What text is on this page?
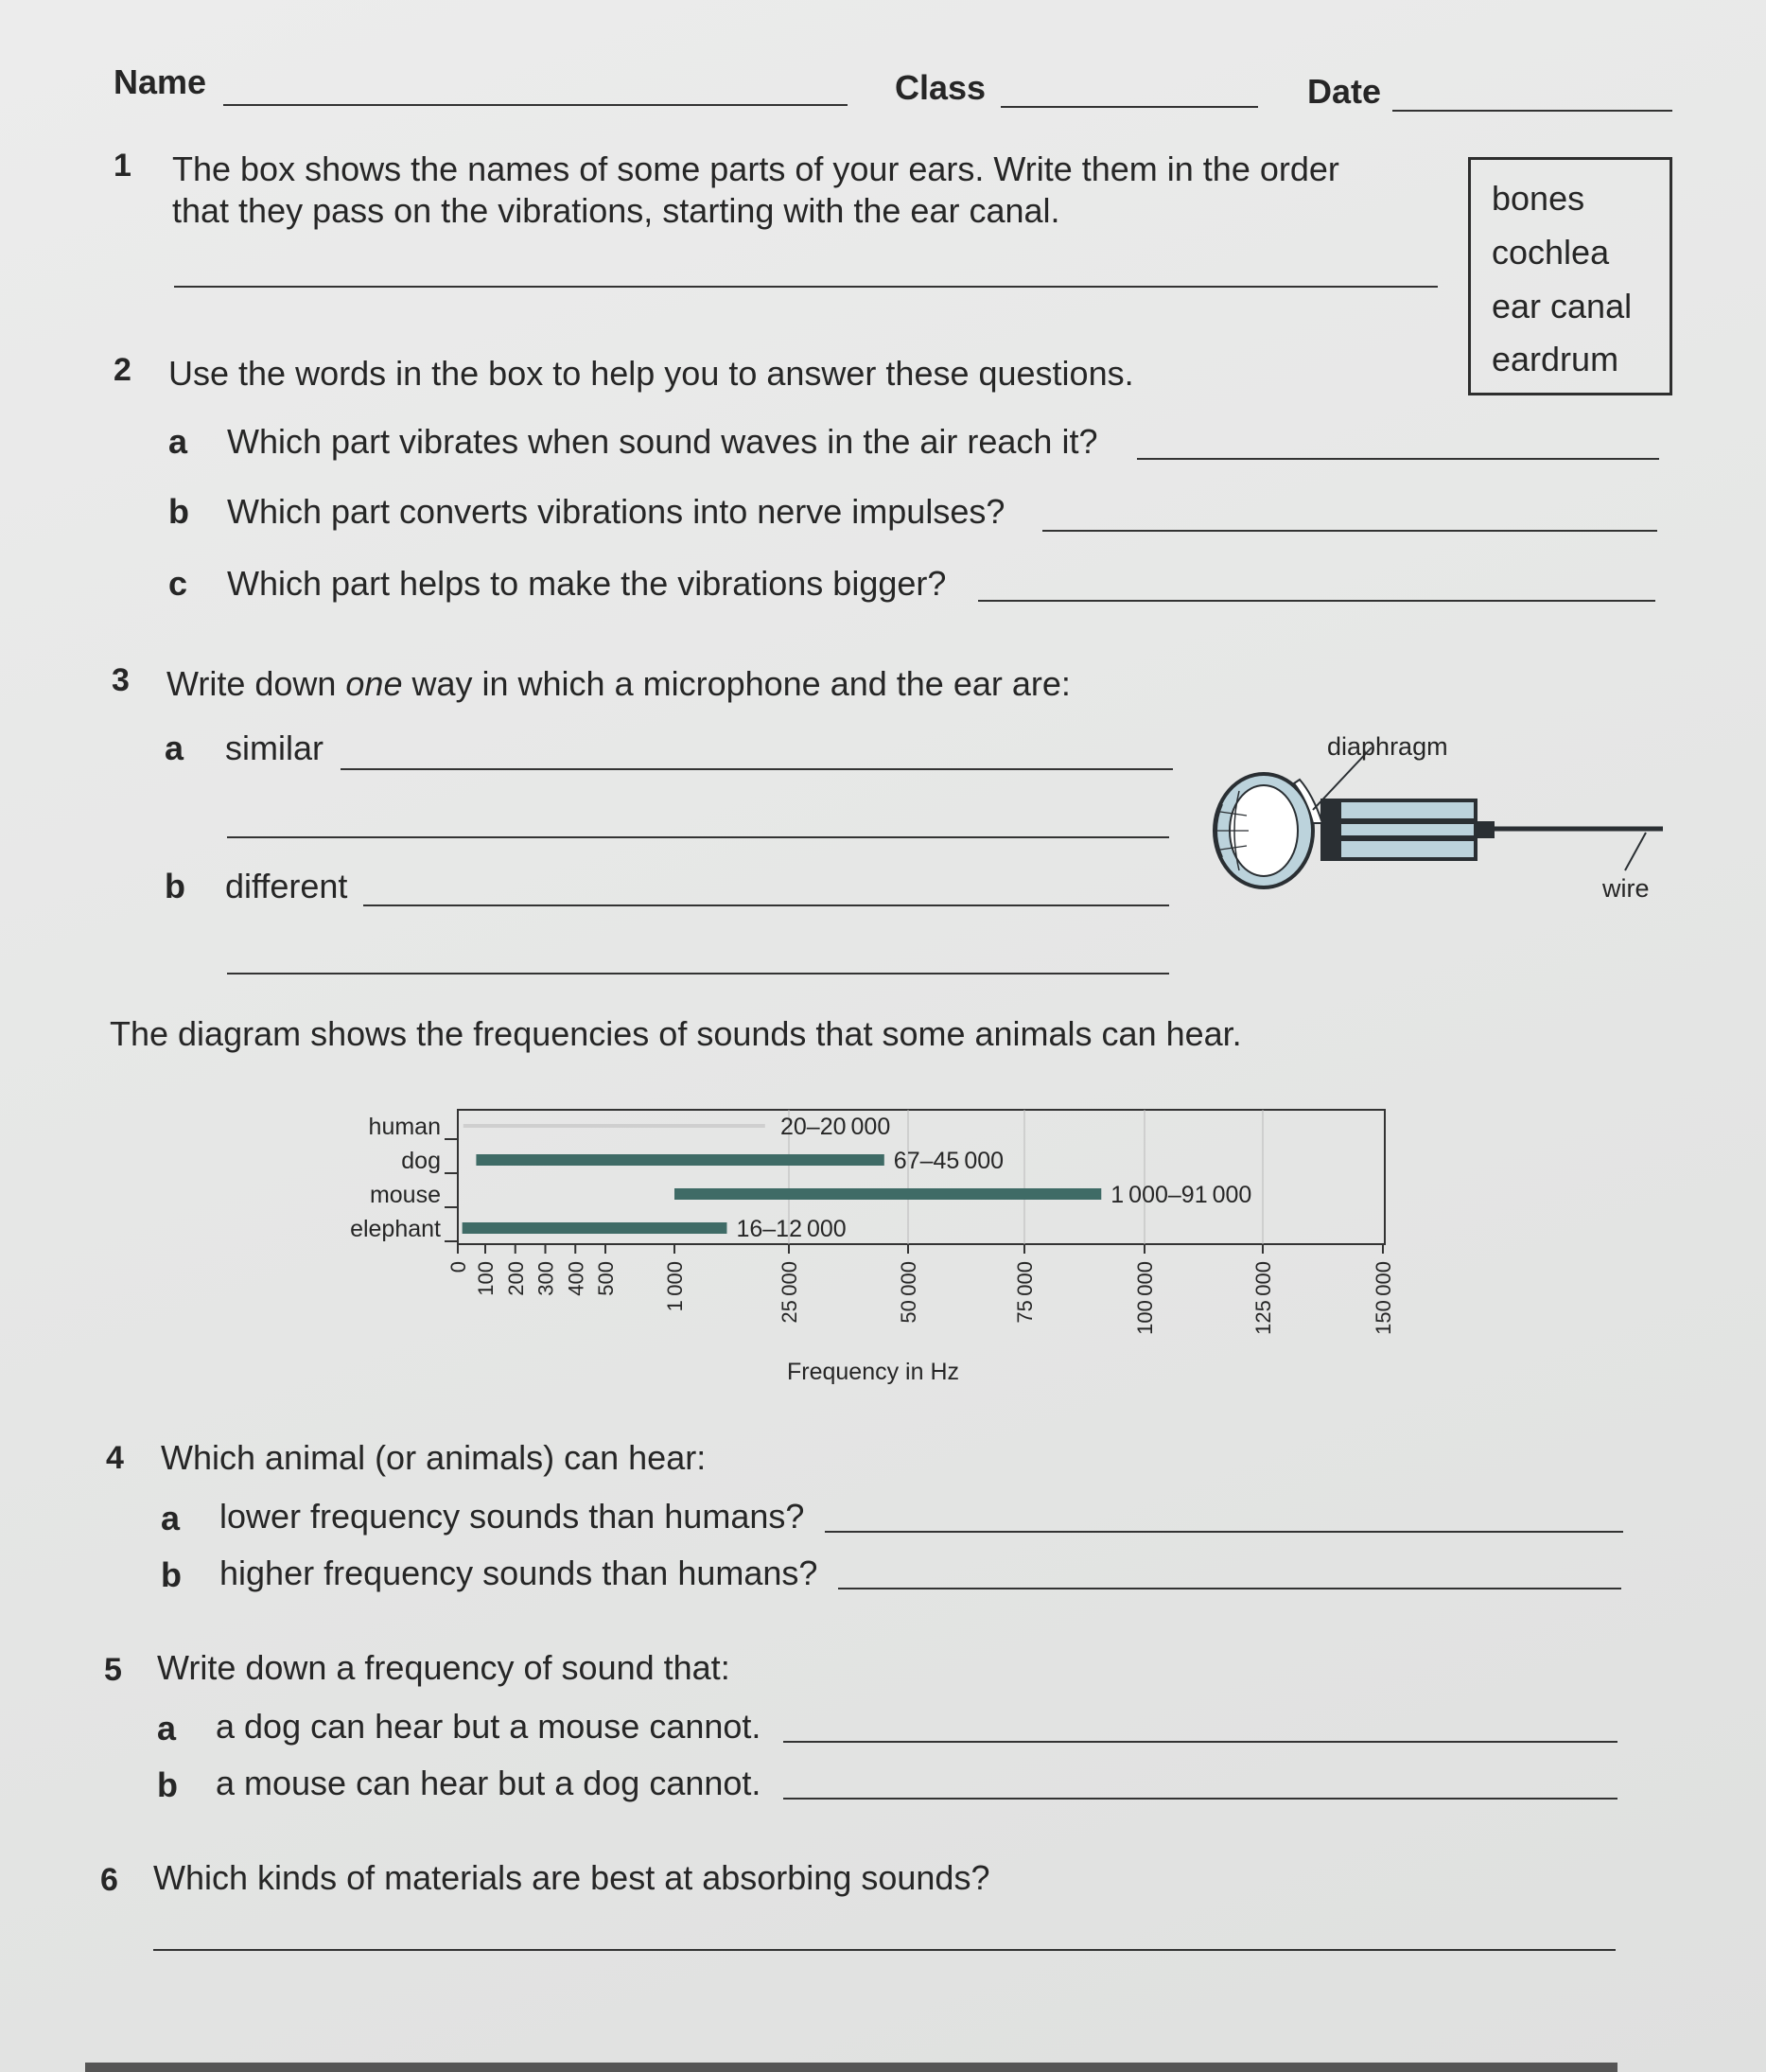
Name	Class	Date
bones
cochlea
ear canal
eardrum
1 The box shows the names of some parts of your ears. Write them in the order
that they pass on the vibrations, starting with the ear canal.
2 Use the words in the box to help you to answer these questions.
a Which part vibrates when sound waves in the air reach it?
b Which part converts vibrations into nerve impulses?
c Which part helps to make the vibrations bigger?
3 Write down one way in which a microphone and the ear are:
a similar
b different
diaphragm
wire
The diagram shows the frequencies of sounds that some animals can hear.
human
dog
mouse
elephant
20–20 000
67–45 000
1 000–91 000
16–12 000
0 100 200 300 400 500 1 000	25 000	50 000	75 000	100 000	125 000	150 000
Frequency in Hz
4 Which animal (or animals) can hear:
a lower frequency sounds than humans?
b higher frequency sounds than humans?
5 Write down a frequency of sound that:
a a dog can hear but a mouse cannot.
b a mouse can hear but a dog cannot.
6 Which kinds of materials are best at absorbing sounds?
